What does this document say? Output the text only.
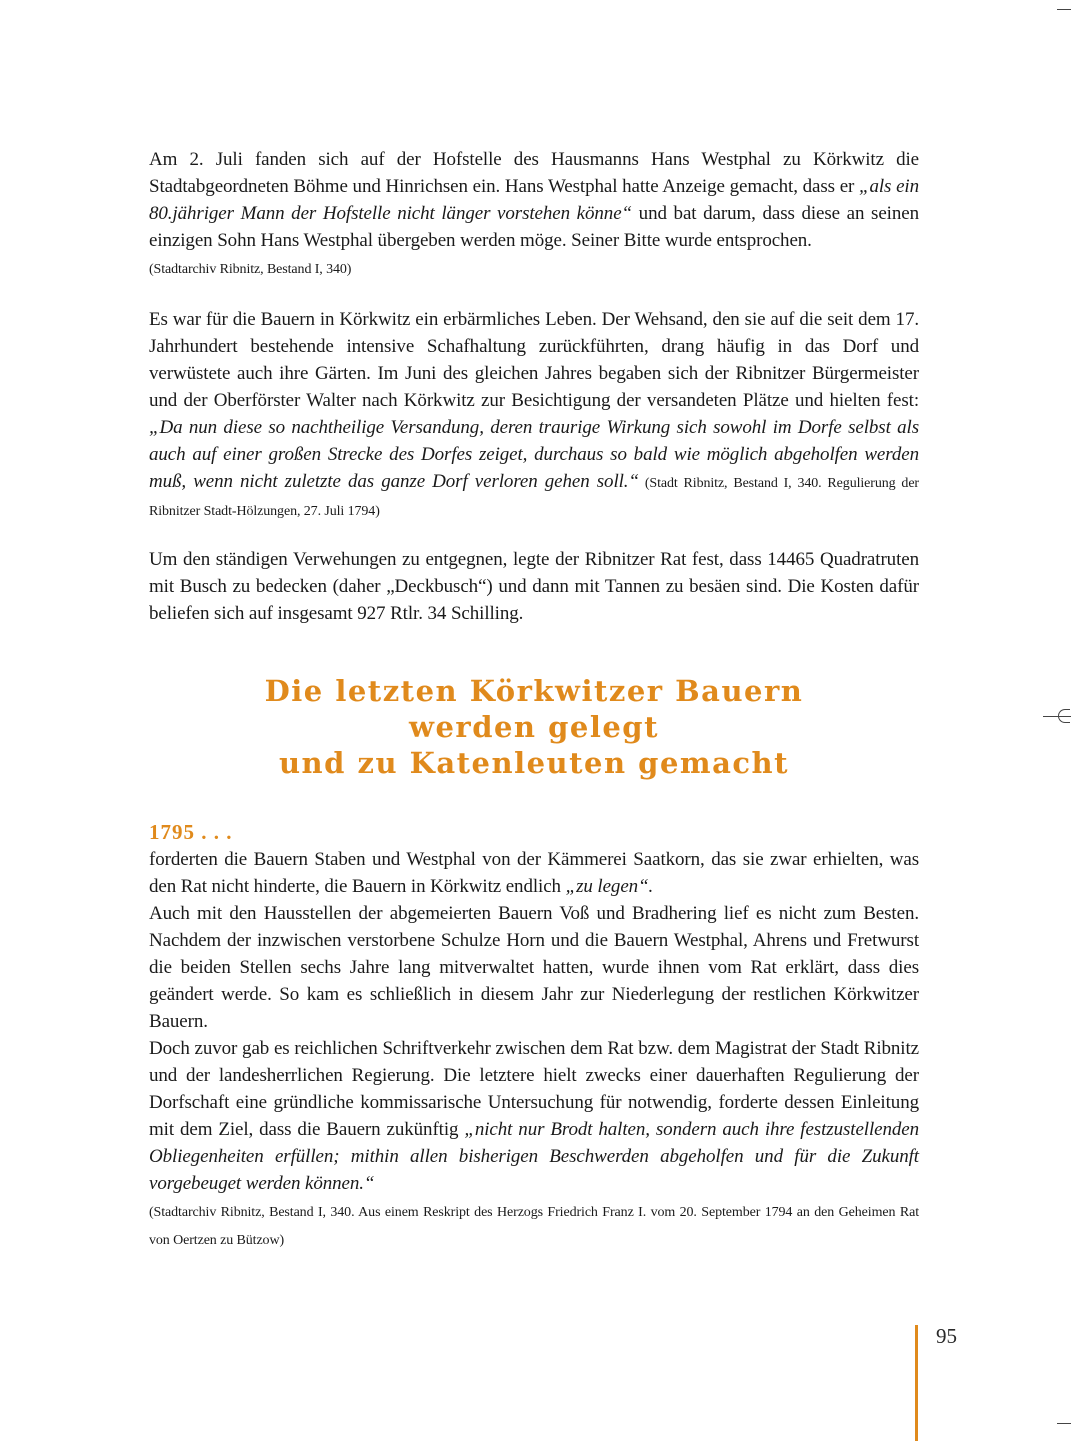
Am 2. Juli fanden sich auf der Hofstelle des Hausmanns Hans Westphal zu Körkwitz die Stadtabgeordneten Böhme und Hinrichsen ein. Hans Westphal hatte Anzeige gemacht, dass er „als ein 80.jähriger Mann der Hofstelle nicht länger vorstehen könne“ und bat darum, dass diese an seinen einzigen Sohn Hans Westphal übergeben werden möge. Seiner Bitte wurde entsprochen.
(Stadtarchiv Ribnitz, Bestand I, 340)

Es war für die Bauern in Körkwitz ein erbärmliches Leben. Der Wehsand, den sie auf die seit dem 17. Jahrhundert bestehende intensive Schafhaltung zurückführten, drang häufig in das Dorf und verwüstete auch ihre Gärten. Im Juni des gleichen Jahres begaben sich der Ribnitzer Bürgermeister und der Oberförster Walter nach Körkwitz zur Besichtigung der versandeten Plätze und hielten fest: „Da nun diese so nachtheilige Versandung, deren traurige Wirkung sich sowohl im Dorfe selbst als auch auf einer großen Strecke des Dorfes zeiget, durchaus so bald wie möglich abgeholfen werden muß, wenn nicht zuletzte das ganze Dorf verloren gehen soll.“ (Stadt Ribnitz, Bestand I, 340. Regulierung der Ribnitzer Stadt-Hölzungen, 27. Juli 1794)

Um den ständigen Verwehungen zu entgegnen, legte der Ribnitzer Rat fest, dass 14465 Quadratruten mit Busch zu bedecken (daher „Deckbusch“) und dann mit Tannen zu besäen sind. Die Kosten dafür beliefen sich auf insgesamt 927 Rtlr. 34 Schilling.

Die letzten Körkwitzer Bauern
werden gelegt
und zu Katenleuten gemacht
1795 . . .

forderten die Bauern Staben und Westphal von der Kämmerei Saatkorn, das sie zwar erhielten, was den Rat nicht hinderte, die Bauern in Körkwitz endlich „zu legen“.

Auch mit den Hausstellen der abgemeierten Bauern Voß und Bradhering lief es nicht zum Besten. Nachdem der inzwischen verstorbene Schulze Horn und die Bauern Westphal, Ahrens und Fretwurst die beiden Stellen sechs Jahre lang mitverwaltet hatten, wurde ihnen vom Rat erklärt, dass dies geändert werde. So kam es schließlich in diesem Jahr zur Niederlegung der restlichen Körkwitzer Bauern.

Doch zuvor gab es reichlichen Schriftverkehr zwischen dem Rat bzw. dem Magistrat der Stadt Ribnitz und der landesherrlichen Regierung. Die letztere hielt zwecks einer dauerhaften Regulierung der Dorfschaft eine gründliche kommissarische Untersuchung für notwendig, forderte dessen Einleitung mit dem Ziel, dass die Bauern zukünftig „nicht nur Brodt halten, sondern auch ihre festzustellenden Obliegenheiten erfüllen; mithin allen bisherigen Beschwerden abgeholfen und für die Zukunft vorgebeuget werden können.“
(Stadtarchiv Ribnitz, Bestand I, 340. Aus einem Reskript des Herzogs Friedrich Franz I. vom 20. September 1794 an den Geheimen Rat von Oertzen zu Bützow)

95
